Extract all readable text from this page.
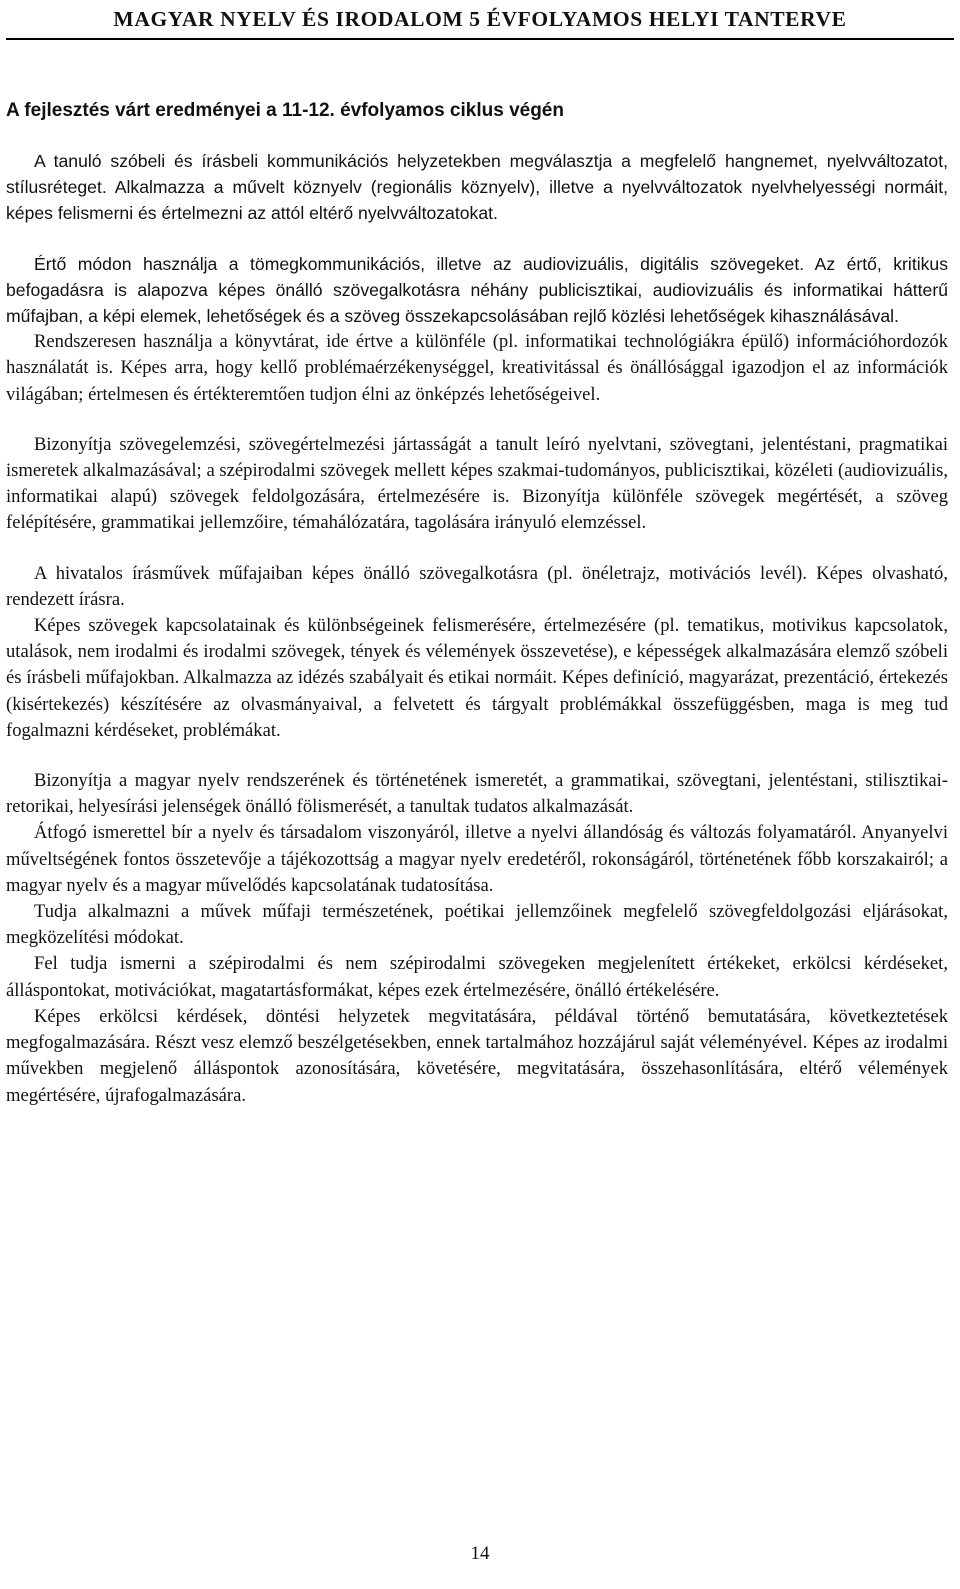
MAGYAR NYELV ÉS IRODALOM 5 ÉVFOLYAMOS HELYI TANTERVE
A fejlesztés várt eredményei a 11-12. évfolyamos ciklus végén

A tanuló szóbeli és írásbeli kommunikációs helyzetekben megválasztja a megfelelő hangnemet, nyelvváltozatot, stílusréteget. Alkalmazza a művelt köznyelv (regionális köznyelv), illetve a nyelvváltozatok nyelvhelyességi normáit, képes felismerni és értelmezni az attól eltérő nyelvváltozatokat.

Értő módon használja a tömegkommunikációs, illetve az audiovizuális, digitális szövegeket. Az értő, kritikus befogadásra is alapozva képes önálló szövegalkotásra néhány publicisztikai, audiovizuális és informatikai hátterű műfajban, a képi elemek, lehetőségek és a szöveg összekapcsolásában rejlő közlési lehetőségek kihasználásával.

Rendszeresen használja a könyvtárat, ide értve a különféle (pl. informatikai technológiákra épülő) információhordozók használatát is. Képes arra, hogy kellő problémaérzékenységgel, kreativitással és önállósággal igazodjon el az információk világában; értelmesen és értékteremtően tudjon élni az önképzés lehetőségeivel.

Bizonyítja szövegelemzési, szövegértelmezési jártasságát a tanult leíró nyelvtani, szövegtani, jelentéstani, pragmatikai ismeretek alkalmazásával; a szépirodalmi szövegek mellett képes szakmai-tudományos, publicisztikai, közéleti (audiovizuális, informatikai alapú) szövegek feldolgozására, értelmezésére is. Bizonyítja különféle szövegek megértését, a szöveg felépítésére, grammatikai jellemzőire, témahálózatára, tagolására irányuló elemzéssel.

A hivatalos írásművek műfajaiban képes önálló szövegalkotásra (pl. önéletrajz, motivációs levél). Képes olvasható, rendezett írásra.

Képes szövegek kapcsolatainak és különbségeinek felismerésére, értelmezésére (pl. tematikus, motivikus kapcsolatok, utalások, nem irodalmi és irodalmi szövegek, tények és vélemények összevetése), e képességek alkalmazására elemző szóbeli és írásbeli műfajokban. Alkalmazza az idézés szabályait és etikai normáit. Képes definíció, magyarázat, prezentáció, értekezés (kisértekezés) készítésére az olvasmányaival, a felvetett és tárgyalt problémákkal összefüggésben, maga is meg tud fogalmazni kérdéseket, problémákat.

Bizonyítja a magyar nyelv rendszerének és történetének ismeretét, a grammatikai, szövegtani, jelentéstani, stilisztikai-retorikai, helyesírási jelenségek önálló fölismerését, a tanultak tudatos alkalmazását.

Átfogó ismerettel bír a nyelv és társadalom viszonyáról, illetve a nyelvi állandóság és változás folyamatáról. Anyanyelvi műveltségének fontos összetevője a tájékozottság a magyar nyelv eredetéről, rokonságáról, történetének főbb korszakairól; a magyar nyelv és a magyar művelődés kapcsolatának tudatosítása.

Tudja alkalmazni a művek műfaji természetének, poétikai jellemzőinek megfelelő szövegfeldolgozási eljárásokat, megközelítési módokat.

Fel tudja ismerni a szépirodalmi és nem szépirodalmi szövegeken megjelenített értékeket, erkölcsi kérdéseket, álláspontokat, motivációkat, magatartásformákat, képes ezek értelmezésére, önálló értékelésére.

Képes erkölcsi kérdések, döntési helyzetek megvitatására, példával történő bemutatására, következtetések megfogalmazására. Részt vesz elemző beszélgetésekben, ennek tartalmához hozzájárul saját véleményével. Képes az irodalmi művekben megjelenő álláspontok azonosítására, követésére, megvitatására, összehasonlítására, eltérő vélemények megértésére, újrafogalmazására.

14
